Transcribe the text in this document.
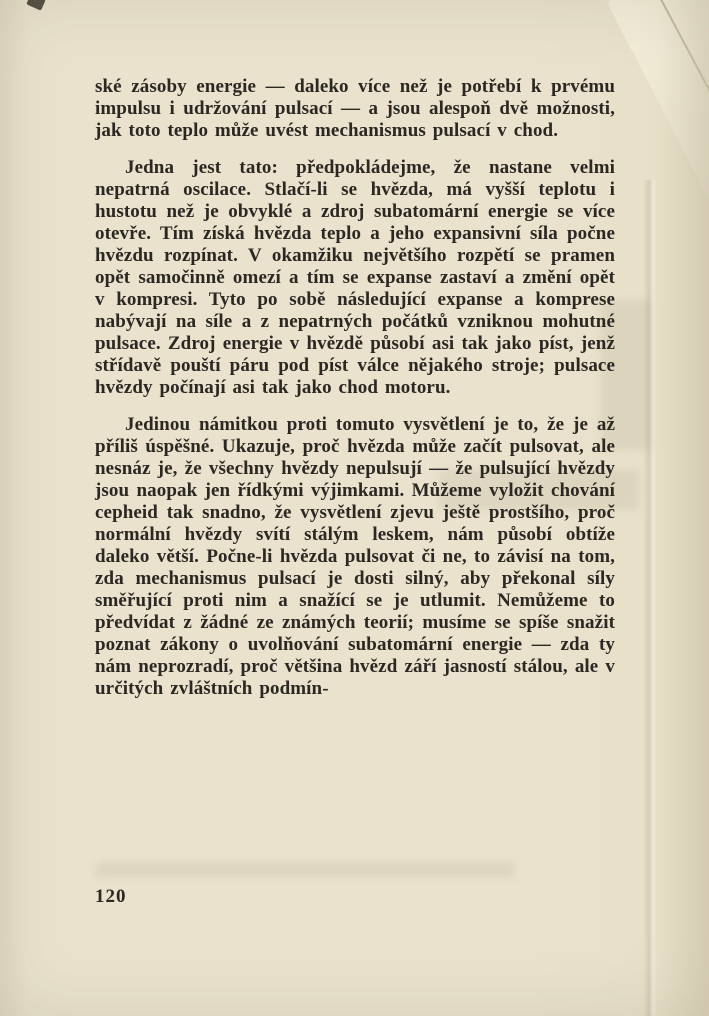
ské zásoby energie — daleko více než je potřebí k prvému impulsu i udržování pulsací — a jsou alespoň dvě možnosti, jak toto teplo může uvést mechanismus pulsací v chod.

Jedna jest tato: předpokládejme, že nastane velmi nepatrná oscilace. Stlačí-li se hvězda, má vyšší teplotu i hustotu než je obvyklé a zdroj subatomární energie se více otevře. Tím získá hvězda teplo a jeho expansivní síla počne hvězdu rozpínat. V okamžiku největšího rozpětí se pramen opět samočinně omezí a tím se expanse zastaví a změní opět v kompresi. Tyto po sobě následující expanse a komprese nabývají na síle a z nepatrných počátků vzniknou mohutné pulsace. Zdroj energie v hvězdě působí asi tak jako píst, jenž střídavě pouští páru pod píst válce nějakého stroje; pulsace hvězdy počínají asi tak jako chod motoru.

Jedinou námitkou proti tomuto vysvětlení je to, že je až příliš úspěšné. Ukazuje, proč hvězda může začít pulsovat, ale nesnáz je, že všechny hvězdy nepulsují — že pulsující hvězdy jsou naopak jen řídkými výjimkami. Můžeme vyložit chování cepheid tak snadno, že vysvětlení zjevu ještě prostšího, proč normální hvězdy svítí stálým leskem, nám působí obtíže daleko větší. Počne-li hvězda pulsovat či ne, to závisí na tom, zda mechanismus pulsací je dosti silný, aby překonal síly směřující proti nim a snažící se je utlumit. Nemůžeme to předvídat z žádné ze známých teorií; musíme se spíše snažit poznat zákony o uvolňování subatomární energie — zda ty nám neprozradí, proč většina hvězd září jasností stálou, ale v určitých zvláštních podmín-

120
